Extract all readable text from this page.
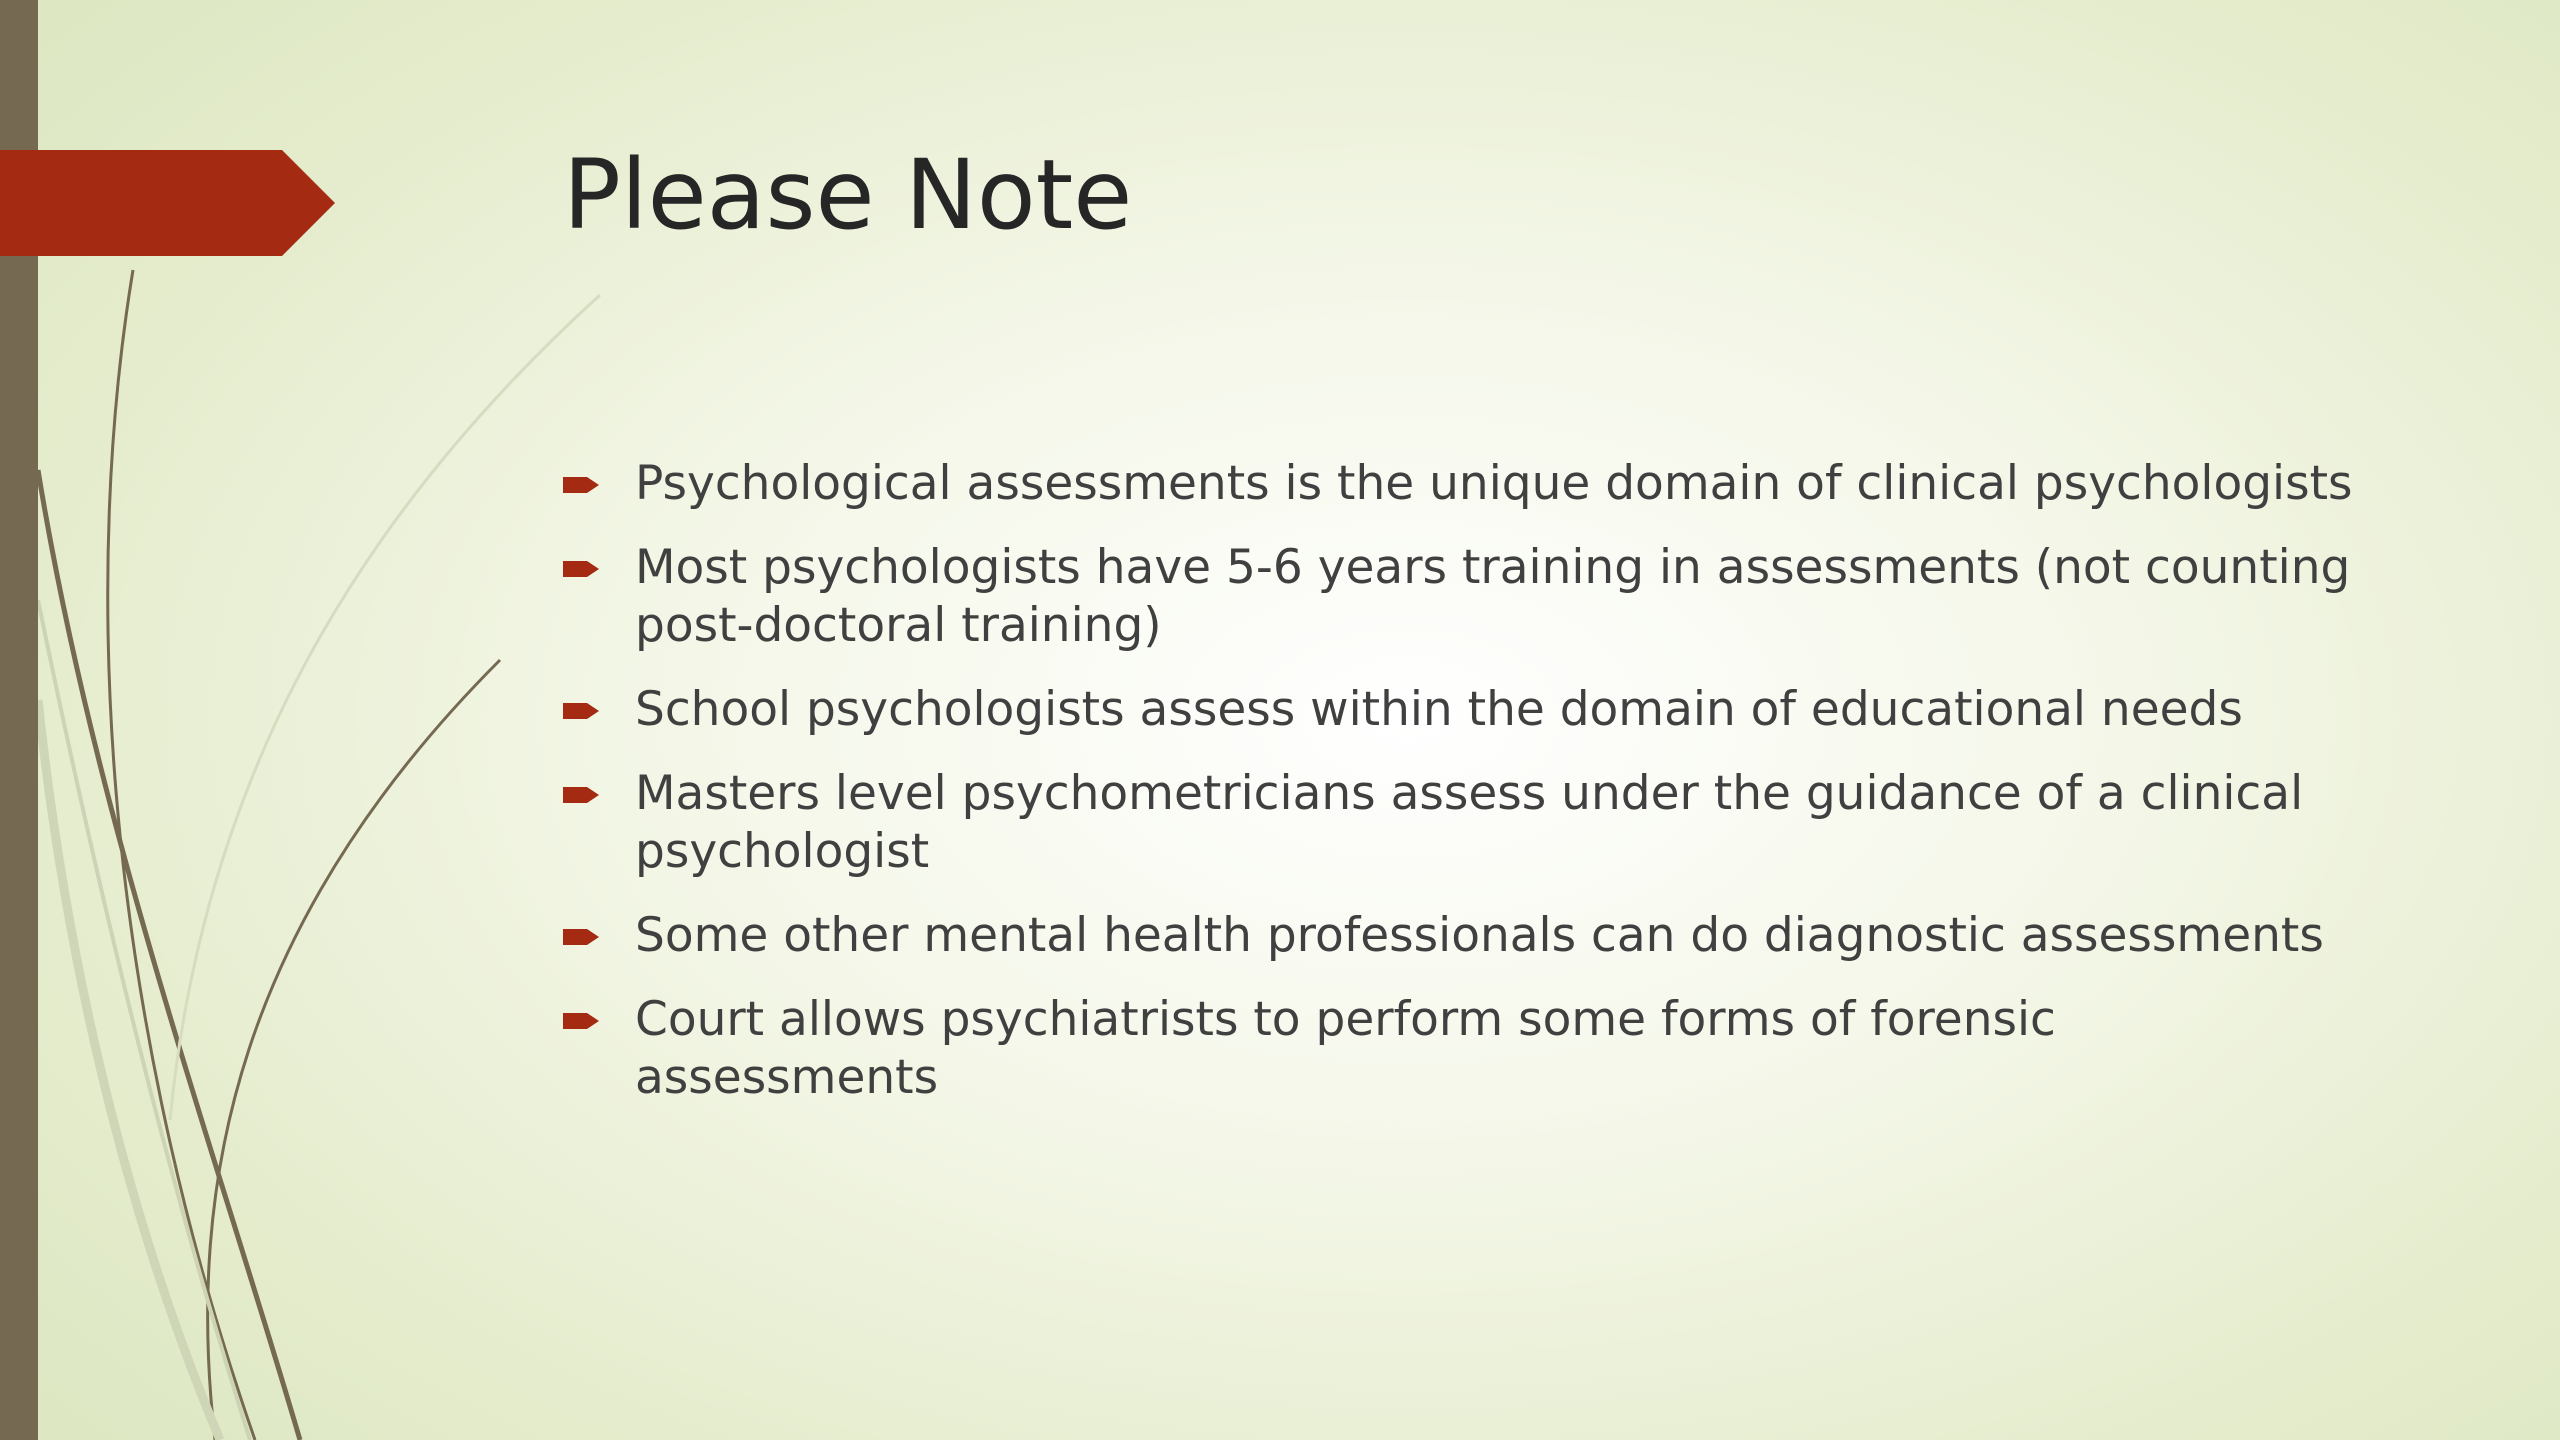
Please Note
Psychological assessments is the unique domain of clinical psychologists
Most psychologists have 5-6 years training in assessments (not counting post-doctoral training)
School psychologists assess within the domain of educational needs
Masters level psychometricians assess under the guidance of a clinical psychologist
Some other mental health professionals can do diagnostic assessments
Court allows psychiatrists to perform some forms of forensic assessments
